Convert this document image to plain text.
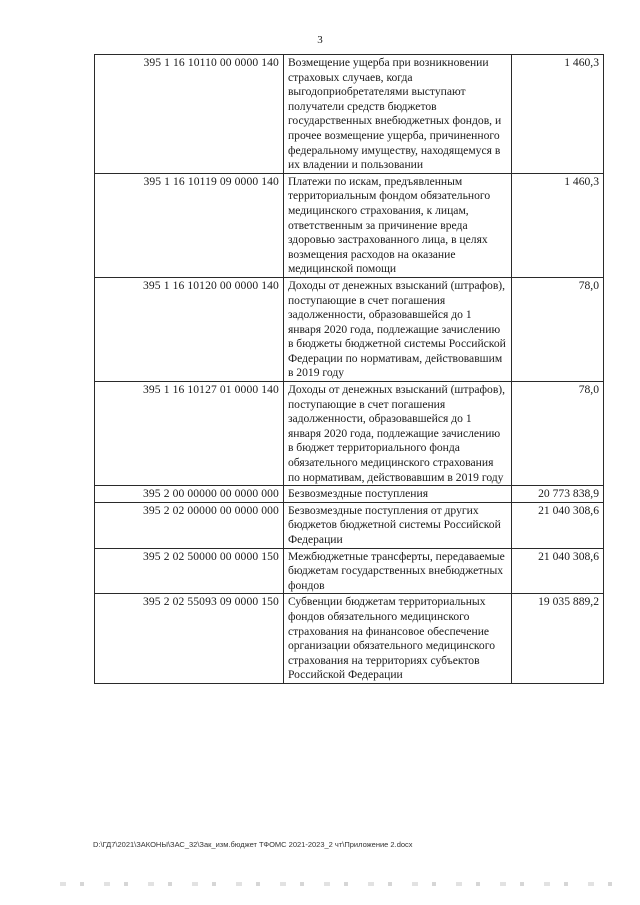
3
395 1 16 10110 00 0000 140	Возмещение ущерба при возникновении страховых случаев, когда выгодоприобретателями выступают получатели средств бюджетов государственных внебюджетных фондов, и прочее возмещение ущерба, причиненного федеральному имуществу, находящемуся в их владении и пользовании	1 460,3
395 1 16 10119 09 0000 140	Платежи по искам, предъявленным территориальным фондом обязательного медицинского страхования, к лицам, ответственным за причинение вреда здоровью застрахованного лица, в целях возмещения расходов на оказание медицинской помощи	1 460,3
395 1 16 10120 00 0000 140	Доходы от денежных взысканий (штрафов), поступающие в счет погашения задолженности, образовавшейся до 1 января 2020 года, подлежащие зачислению в бюджеты бюджетной системы Российской Федерации по нормативам, действовавшим в 2019 году	78,0
395 1 16 10127 01 0000 140	Доходы от денежных взысканий (штрафов), поступающие в счет погашения задолженности, образовавшейся до 1 января 2020 года, подлежащие зачислению в бюджет территориального фонда обязательного медицинского страхования по нормативам, действовавшим в 2019 году	78,0
395 2 00 00000 00 0000 000	Безвозмездные поступления	20 773 838,9
395 2 02 00000 00 0000 000	Безвозмездные поступления от других бюджетов бюджетной системы Российской Федерации	21 040 308,6
395 2 02 50000 00 0000 150	Межбюджетные трансферты, передаваемые бюджетам государственных внебюджетных фондов	21 040 308,6
395 2 02 55093 09 0000 150	Субвенции бюджетам территориальных фондов обязательного медицинского страхования на финансовое обеспечение организации обязательного медицинского страхования на территориях субъектов Российской Федерации	19 035 889,2
D:\ГД7\2021\ЗАКОНЫ\ЗАС_32\Зак_изм.бюджет ТФОМС 2021-2023_2 чт\Приложение 2.docx
